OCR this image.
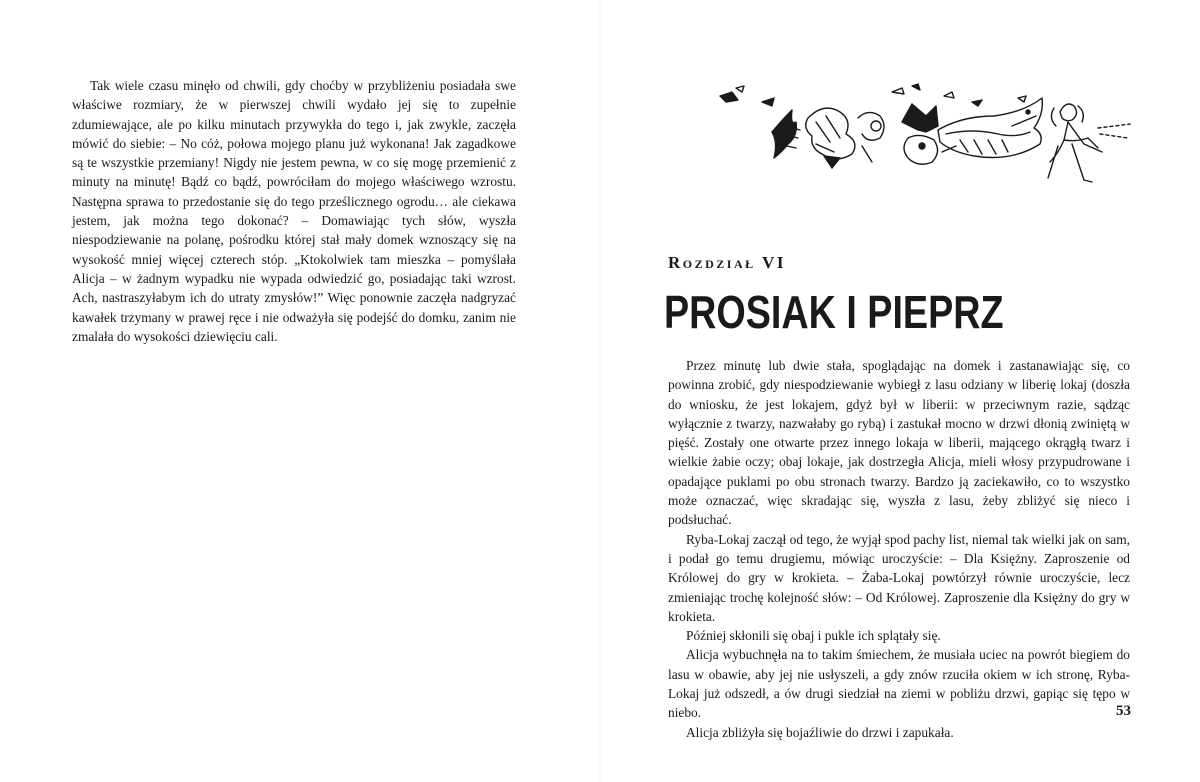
Tak wiele czasu minęło od chwili, gdy choćby w przybliżeniu posiadała swe właściwe rozmiary, że w pierwszej chwili wydało jej się to zupełnie zdumiewające, ale po kilku minutach przywykła do tego i, jak zwykle, zaczęła mówić do siebie: – No cóż, połowa mojego planu już wykonana! Jak zagadkowe są te wszystkie przemiany! Nigdy nie jestem pewna, w co się mogę przemienić z minuty na minutę! Bądź co bądź, powróciłam do mojego właściwego wzrostu. Następna sprawa to przedostanie się do tego prześlicznego ogrodu… ale ciekawa jestem, jak można tego dokonać? – Domawiając tych słów, wyszła niespodziewanie na polanę, pośrodku której stał mały domek wznoszący się na wysokość mniej więcej czterech stóp. „Ktokolwiek tam mieszka – pomyślała Alicja – w żadnym wypadku nie wypada odwiedzić go, posiadając taki wzrost. Ach, nastraszyłabym ich do utraty zmysłów!” Więc ponownie zaczęła nadgryzać kawałek trzymany w prawej ręce i nie odważyła się podejść do domku, zanim nie zmalała do wysokości dziewięciu cali.

Rozdział VI
PROSIAK I PIEPRZ

Przez minutę lub dwie stała, spoglądając na domek i zastanawiając się, co powinna zrobić, gdy niespodziewanie wybiegł z lasu odziany w liberię lokaj (doszła do wniosku, że jest lokajem, gdyż był w liberii: w przeciwnym razie, sądząc wyłącznie z twarzy, nazwałaby go rybą) i zastukał mocno w drzwi dłonią zwiniętą w pięść. Zostały one otwarte przez innego lokaja w liberii, mającego okrągłą twarz i wielkie żabie oczy; obaj lokaje, jak dostrzegła Alicja, mieli włosy przypudrowane i opadające puklami po obu stronach twarzy. Bardzo ją zaciekawiło, co to wszystko może oznaczać, więc skradając się, wyszła z lasu, żeby zbliżyć się nieco i podsłuchać.

Ryba-Lokaj zaczął od tego, że wyjął spod pachy list, niemal tak wielki jak on sam, i podał go temu drugiemu, mówiąc uroczyście: – Dla Księżny. Zaproszenie od Królowej do gry w krokieta. – Żaba-Lokaj powtórzył równie uroczyście, lecz zmieniając trochę kolejność słów: – Od Królowej. Zaproszenie dla Księżny do gry w krokieta.

Później skłonili się obaj i pukle ich splątały się.

Alicja wybuchnęła na to takim śmiechem, że musiała uciec na powrót biegiem do lasu w obawie, aby jej nie usłyszeli, a gdy znów rzuciła okiem w ich stronę, Ryba-Lokaj już odszedł, a ów drugi siedział na ziemi w pobliżu drzwi, gapiąc się tępo w niebo.

Alicja zbliżyła się bojaźliwie do drzwi i zapukała.

53
